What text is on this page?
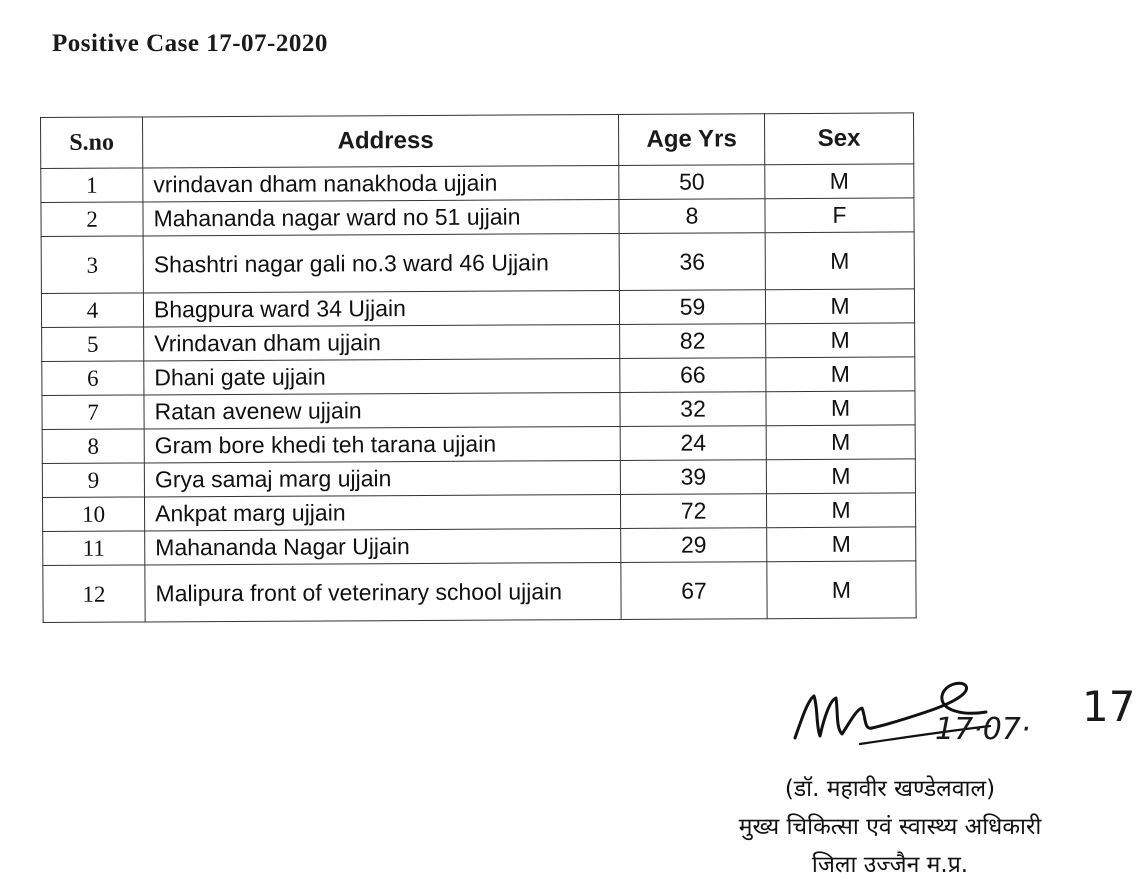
Positive Case 17-07-2020
S.no	Address	Age Yrs	Sex
1	vrindavan dham nanakhoda ujjain	50	M
2	Mahananda nagar ward no 51 ujjain	8	F
3	Shashtri nagar gali no.3 ward 46 Ujjain	36	M
4	Bhagpura ward 34 Ujjain	59	M
5	Vrindavan dham ujjain	82	M
6	Dhani gate ujjain	66	M
7	Ratan avenew ujjain	32	M
8	Gram bore khedi teh tarana ujjain	24	M
9	Grya samaj marg ujjain	39	M
10	Ankpat marg ujjain	72	M
11	Mahananda Nagar Ujjain	29	M
12	Malipura front of veterinary school ujjain	67	M
17·07· 17
(डॉ. महावीर खण्डेलवाल)
मुख्य चिकित्सा एवं स्वास्थ्य अधिकारी
जिला उज्जैन म.प्र.
